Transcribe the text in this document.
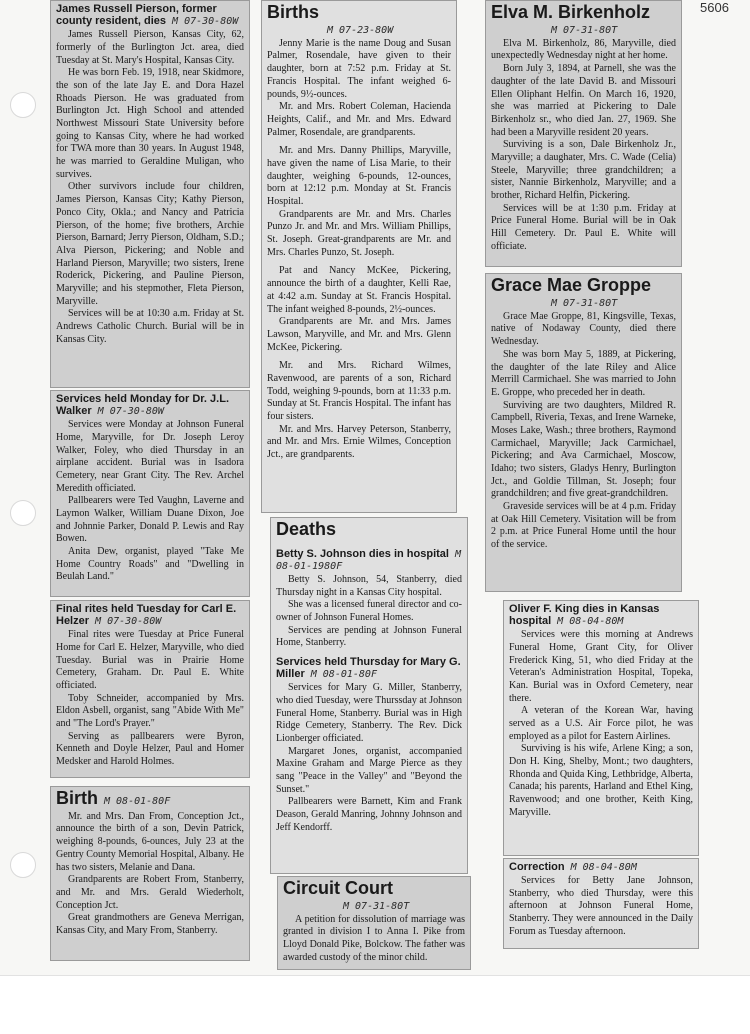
5606
James Russell Pierson, former county resident, dies M 07-30-80W

James Russell Pierson, Kansas City, 62, formerly of the Burlington Jct. area, died Tuesday at St. Mary's Hospital, Kansas City.

He was born Feb. 19, 1918, near Skidmore, the son of the late Jay E. and Dora Hazel Rhoads Pierson. He was graduated from Burlington Jct. High School and attended Northwest Missouri State University before going to Kansas City, where he had worked for TWA more than 30 years. In August 1948, he was married to Geraldine Muligan, who survives.

Other survivors include four children, James Pierson, Kansas City; Kathy Pierson, Ponco City, Okla.; and Nancy and Patricia Pierson, of the home; five brothers, Archie Pierson, Barnard; Jerry Pierson, Oldham, S.D.; Alva Pierson, Pickering; and Noble and Harland Pierson, Maryville; two sisters, Irene Roderick, Pickering, and Pauline Pierson, Maryville; and his stepmother, Fleta Pierson, Maryville.

Services will be at 10:30 a.m. Friday at St. Andrews Catholic Church. Burial will be in Kansas City.

Services held Monday for Dr. J.L. Walker M 07-30-80W

Services were Monday at Johnson Funeral Home, Maryville, for Dr. Joseph Leroy Walker, Foley, who died Thursday in an airplane accident. Burial was in Isadora Cemetery, near Grant City. The Rev. Archel Meredith officiated.

Pallbearers were Ted Vaughn, Laverne and Laymon Walker, William Duane Dixon, Joe and Johnnie Parker, Donald P. Lewis and Ray Bowen.

Anita Dew, organist, played "Take Me Home Country Roads" and "Dwelling in Beulah Land."

Final rites held Tuesday for Carl E. Helzer M 07-30-80W

Final rites were Tuesday at Price Funeral Home for Carl E. Helzer, Maryville, who died Tuesday. Burial was in Prairie Home Cemetery, Graham. Dr. Paul E. White officiated.

Toby Schneider, accompanied by Mrs. Eldon Asbell, organist, sang "Abide With Me" and "The Lord's Prayer."

Serving as pallbearers were Byron, Kenneth and Doyle Helzer, Paul and Homer Medsker and Harold Holmes.

Birth M 08-01-80F

Mr. and Mrs. Dan From, Conception Jct., announce the birth of a son, Devin Patrick, weighing 8-pounds, 6-ounces, July 23 at the Gentry County Memorial Hospital, Albany. He has two sisters, Melanie and Dana.

Grandparents are Robert From, Stanberry, and Mr. and Mrs. Gerald Wiederholt, Conception Jct.

Great grandmothers are Geneva Merrigan, Kansas City, and Mary From, Stanberry.

Births
M 07-23-80W

Jenny Marie is the name Doug and Susan Palmer, Rosendale, have given to their daughter, born at 7:52 p.m. Friday at St. Francis Hospital. The infant weighed 6-pounds, 9½-ounces.

Mr. and Mrs. Robert Coleman, Hacienda Heights, Calif., and Mr. and Mrs. Edward Palmer, Rosendale, are grandparents.

Mr. and Mrs. Danny Phillips, Maryville, have given the name of Lisa Marie, to their daughter, weighing 6-pounds, 12-ounces, born at 12:12 p.m. Monday at St. Francis Hospital.

Grandparents are Mr. and Mrs. Charles Punzo Jr. and Mr. and Mrs. William Phillips, St. Joseph. Great-grandparents are Mr. and Mrs. Charles Punzo, St. Joseph.

Pat and Nancy McKee, Pickering, announce the birth of a daughter, Kelli Rae, at 4:42 a.m. Sunday at St. Francis Hospital. The infant weighed 8-pounds, 2½-ounces.

Grandparents are Mr. and Mrs. James Lawson, Maryville, and Mr. and Mrs. Glenn McKee, Pickering.

Mr. and Mrs. Richard Wilmes, Ravenwood, are parents of a son, Richard Todd, weighing 9-pounds, born at 11:33 p.m. Sunday at St. Francis Hospital. The infant has four sisters.

Mr. and Mrs. Harvey Peterson, Stanberry, and Mr. and Mrs. Ernie Wilmes, Conception Jct., are grandparents.

Deaths
Betty S. Johnson dies in hospital M 08-01-1980F

Betty S. Johnson, 54, Stanberry, died Thursday night in a Kansas City hospital.

She was a licensed funeral director and co-owner of Johnson Funeral Homes.

Services are pending at Johnson Funeral Home, Stanberry.

Services held Thursday for Mary G. Miller M 08-01-80F

Services for Mary G. Miller, Stanberry, who died Tuesday, were Thurssday at Johnson Funeral Home, Stanberry. Burial was in High Ridge Cemetery, Stanberry. The Rev. Dick Lionberger officiated.

Margaret Jones, organist, accompanied Maxine Graham and Marge Pierce as they sang "Peace in the Valley" and "Beyond the Sunset."

Pallbearers were Barnett, Kim and Frank Deason, Gerald Manring, Johnny Johnson and Jeff Kendorff.

Circuit Court
M 07-31-80T

A petition for dissolution of marriage was granted in division I to Anna I. Pike from Lloyd Donald Pike, Bolckow. The father was awarded custody of the minor child.

Elva M. Birkenholz
M 07-31-80T

Elva M. Birkenholz, 86, Maryville, died unexpectedly Wednesday night at her home.

Born July 3, 1894, at Parnell, she was the daughter of the late David B. and Missouri Ellen Oliphant Helfin. On March 16, 1920, she was married at Pickering to Dale Birkenholz sr., who died Jan. 27, 1969. She had been a Maryville resident 20 years.

Surviving is a son, Dale Birkenholz Jr., Maryville; a daughater, Mrs. C. Wade (Celia) Steele, Maryville; three grandchildren; a sister, Nannie Birkenholz, Maryville; and a brother, Richard Helfin, Pickering.

Services will be at 1:30 p.m. Friday at Price Funeral Home. Burial will be in Oak Hill Cemetery. Dr. Paul E. White will officiate.

Grace Mae Groppe
M 07-31-80T

Grace Mae Groppe, 81, Kingsville, Texas, native of Nodaway County, died there Wednesday.

She was born May 5, 1889, at Pickering, the daughter of the late Riley and Alice Merrill Carmichael. She was married to John E. Groppe, who preceded her in death.

Surviving are two daughters, Mildred R. Campbell, Riveria, Texas, and Irene Warneke, Moses Lake, Wash.; three brothers, Raymond Carmichael, Maryville; Jack Carmichael, Pickering; and Ava Carmichael, Moscow, Idaho; two sisters, Gladys Henry, Burlington Jct., and Goldie Tillman, St. Joseph; four grandchildren; and five great-grandchildren.

Graveside services will be at 4 p.m. Friday at Oak Hill Cemetery. Visitation will be from 2 p.m. at Price Funeral Home until the hour of the service.

Oliver F. King dies in Kansas hospital M 08-04-80M

Services were this morning at Andrews Funeral Home, Grant City, for Oliver Frederick King, 51, who died Friday at the Veteran's Administration Hospital, Topeka, Kan. Burial was in Oxford Cemetery, near there.

A veteran of the Korean War, having served as a U.S. Air Force pilot, he was employed as a pilot for Eastern Airlines.

Surviving is his wife, Arlene King; a son, Don H. King, Shelby, Mont.; two daughters, Rhonda and Quida King, Lethbridge, Alberta, Canada; his parents, Harland and Ethel King, Ravenwood; and one brother, Keith King, Maryville.

Correction M 08-04-80M

Services for Betty Jane Johnson, Stanberry, who died Thursday, were this afternoon at Johnson Funeral Home, Stanberry. They were announced in the Daily Forum as Tuesday afternoon.
